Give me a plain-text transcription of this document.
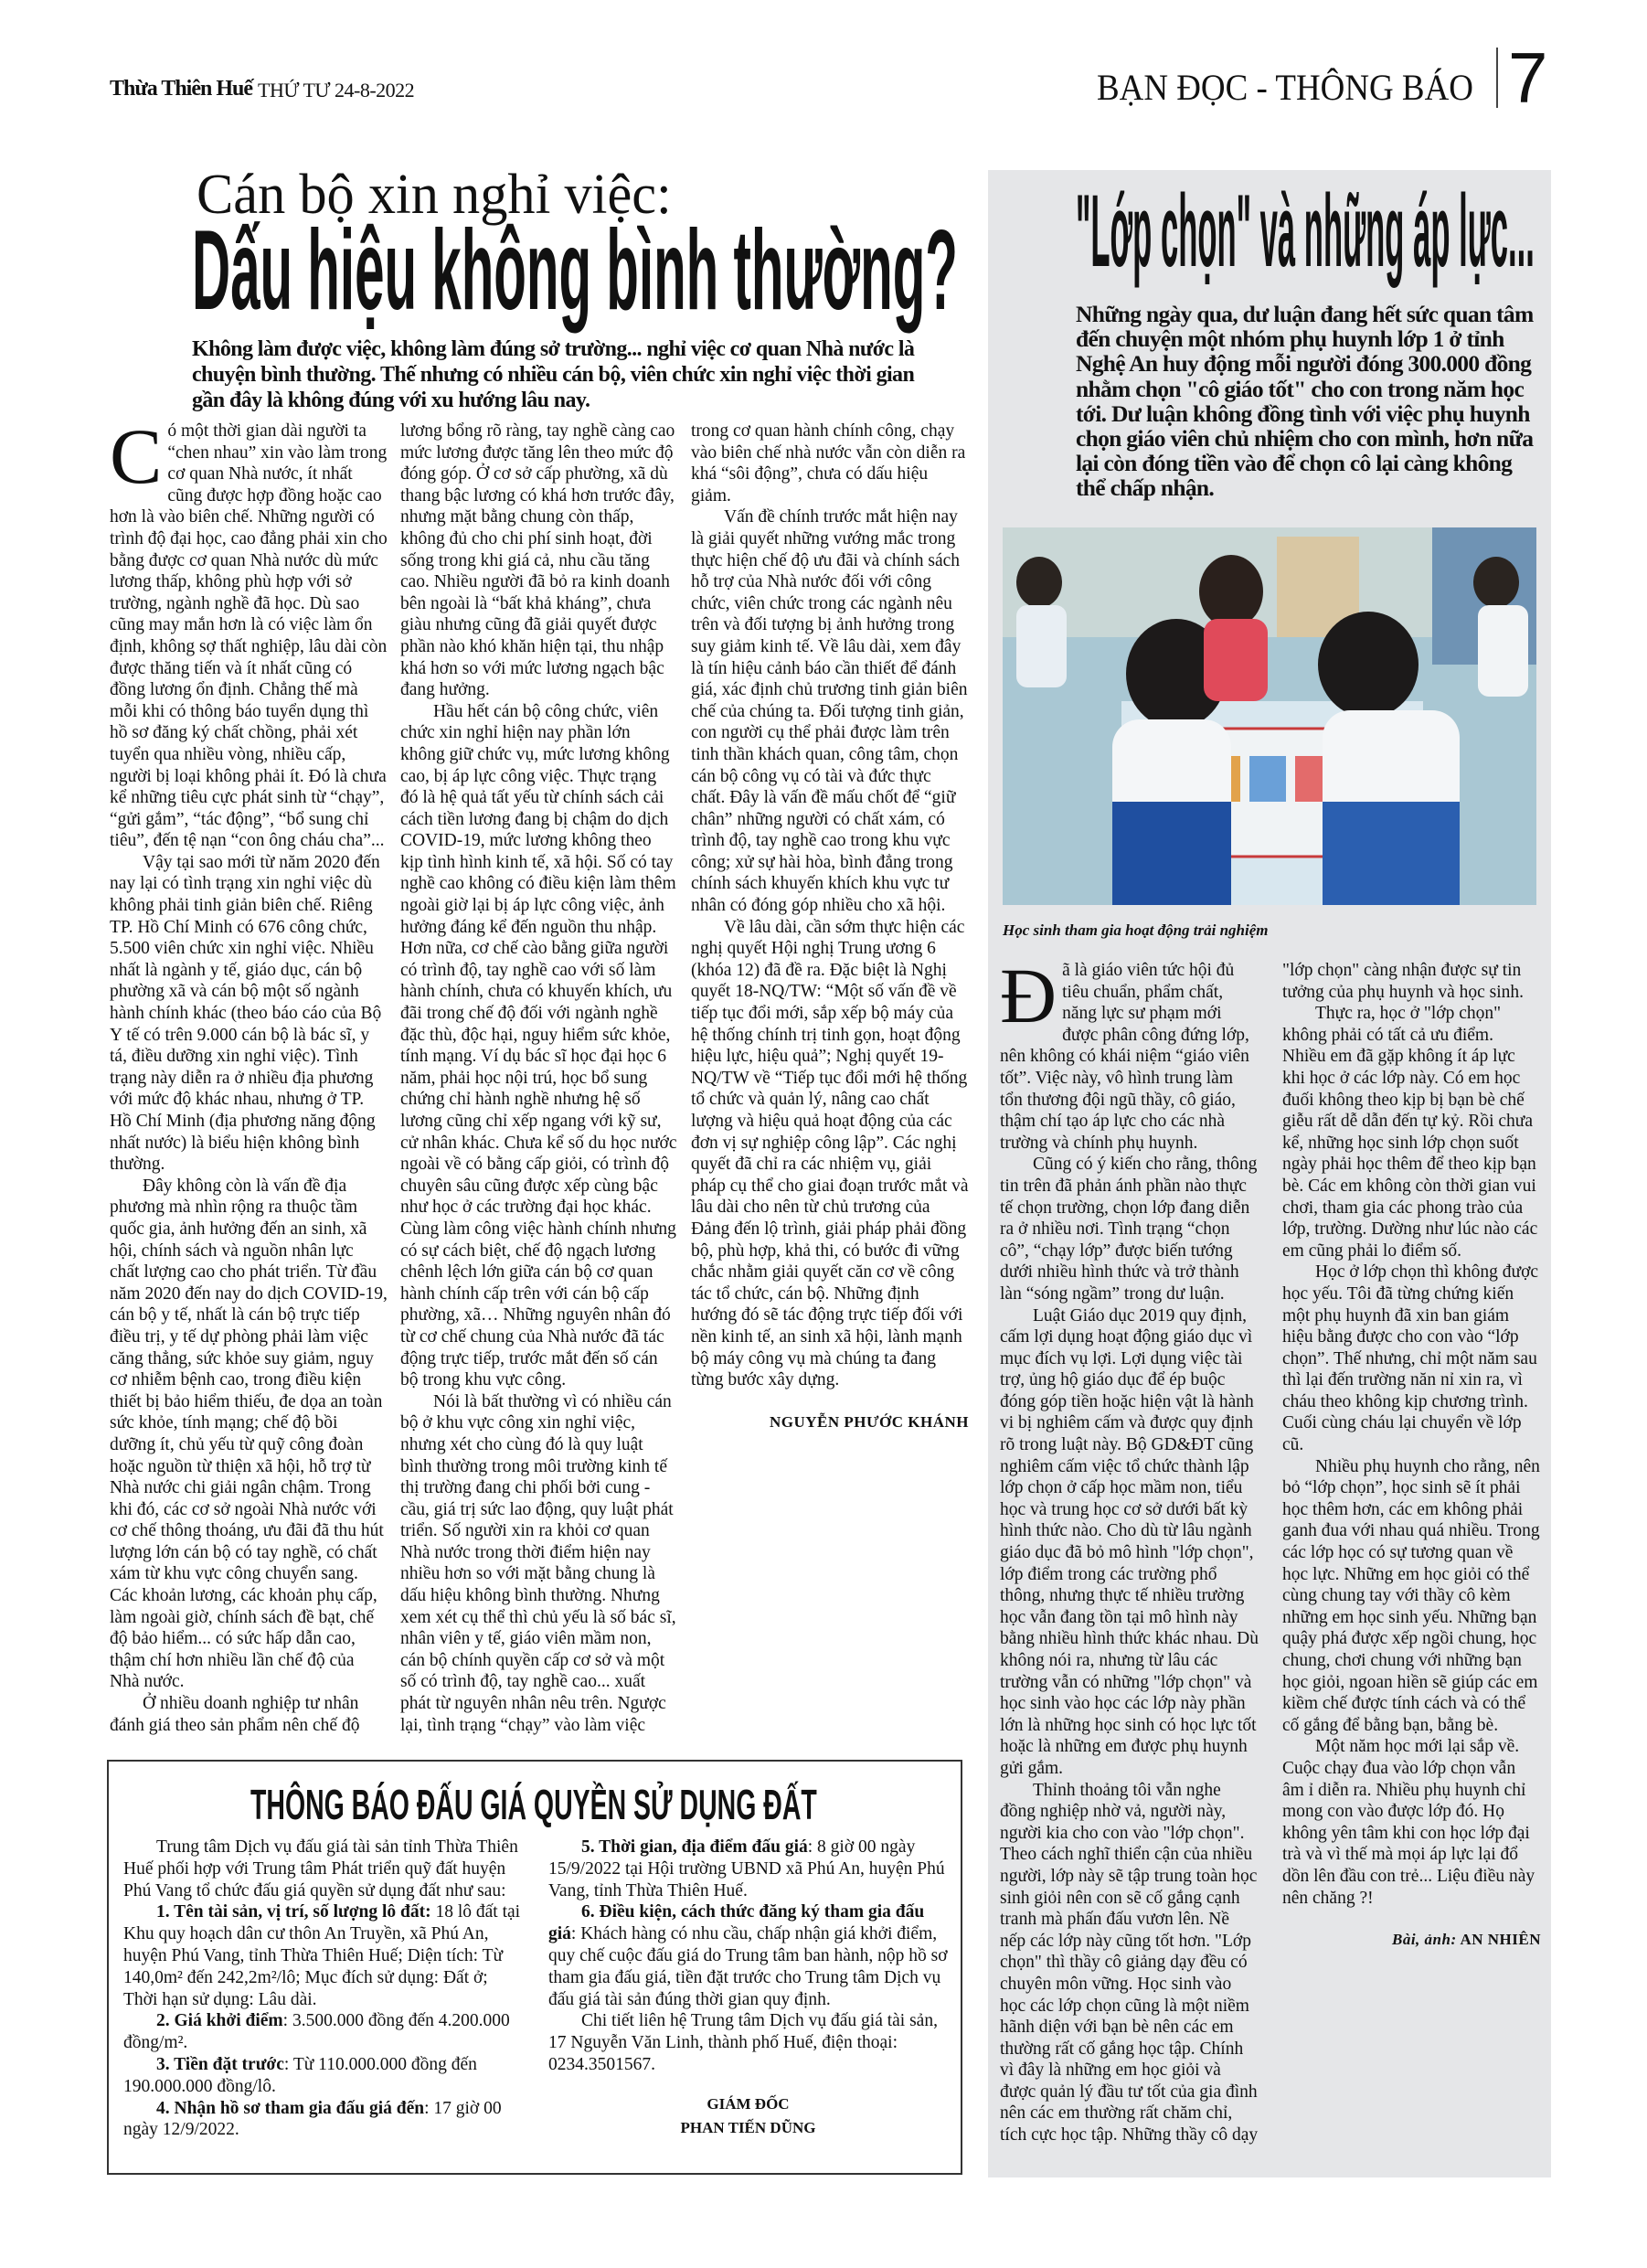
Thừa Thiên Huế THỨ TƯ 24-8-2022	BẠN ĐỌC - THÔNG BÁO 7
Cán bộ xin nghỉ việc:
Dấu hiệu không bình thường?
Không làm được việc, không làm đúng sở trường... nghỉ việc cơ quan Nhà nước là chuyện bình thường. Thế nhưng có nhiều cán bộ, viên chức xin nghỉ việc thời gian gần đây là không đúng với xu hướng lâu nay.

Có một thời gian dài người ta “chen nhau” xin vào làm trong cơ quan Nhà nước, ít nhất cũng được hợp đồng hoặc cao hơn là vào biên chế. Những người có trình độ đại học, cao đẳng phải xin cho bằng được cơ quan Nhà nước dù mức lương thấp, không phù hợp với sở trường, ngành nghề đã học. Dù sao cũng may mắn hơn là có việc làm ổn định, không sợ thất nghiệp, lâu dài còn được thăng tiến và ít nhất cũng có đồng lương ổn định. Chẳng thế mà mỗi khi có thông báo tuyển dụng thì hồ sơ đăng ký chất chồng, phải xét tuyển qua nhiều vòng, nhiều cấp, người bị loại không phải ít. Đó là chưa kể những tiêu cực phát sinh từ “chạy”, “gửi gắm”, “tác động”, “bổ sung chỉ tiêu”, đến tệ nạn “con ông cháu cha”...

Vậy tại sao mới từ năm 2020 đến nay lại có tình trạng xin nghỉ việc dù không phải tinh giản biên chế. Riêng TP. Hồ Chí Minh có 676 công chức, 5.500 viên chức xin nghỉ việc. Nhiều nhất là ngành y tế, giáo dục, cán bộ phường xã và cán bộ một số ngành hành chính khác (theo báo cáo của Bộ Y tế có trên 9.000 cán bộ là bác sĩ, y tá, điều dưỡng xin nghỉ việc). Tình trạng này diễn ra ở nhiều địa phương với mức độ khác nhau, nhưng ở TP. Hồ Chí Minh (địa phương năng động nhất nước) là biểu hiện không bình thường.

Đây không còn là vấn đề địa phương mà nhìn rộng ra thuộc tầm quốc gia, ảnh hưởng đến an sinh, xã hội, chính sách và nguồn nhân lực chất lượng cao cho phát triển. Từ đầu năm 2020 đến nay do dịch COVID-19, cán bộ y tế, nhất là cán bộ trực tiếp điều trị, y tế dự phòng phải làm việc căng thẳng, sức khỏe suy giảm, nguy cơ nhiễm bệnh cao, trong điều kiện thiết bị bảo hiểm thiếu, đe dọa an toàn sức khỏe, tính mạng; chế độ bồi dưỡng ít, chủ yếu từ quỹ công đoàn hoặc nguồn từ thiện xã hội, hỗ trợ từ Nhà nước chi giải ngân chậm. Trong khi đó, các cơ sở ngoài Nhà nước với cơ chế thông thoáng, ưu đãi đã thu hút lượng lớn cán bộ có tay nghề, có chất xám từ khu vực công chuyển sang. Các khoản lương, các khoản phụ cấp, làm ngoài giờ, chính sách đề bạt, chế độ bảo hiểm... có sức hấp dẫn cao, thậm chí hơn nhiều lần chế độ của Nhà nước.

Ở nhiều doanh nghiệp tư nhân đánh giá theo sản phẩm nên chế độ lương bổng rõ ràng, tay nghề càng cao mức lương được tăng lên theo mức độ đóng góp. Ở cơ sở cấp phường, xã dù thang bậc lương có khá hơn trước đây, nhưng mặt bằng chung còn thấp, không đủ cho chi phí sinh hoạt, đời sống trong khi giá cả, nhu cầu tăng cao. Nhiều người đã bỏ ra kinh doanh bên ngoài là “bất khả kháng”, chưa giàu nhưng cũng đã giải quyết được phần nào khó khăn hiện tại, thu nhập khá hơn so với mức lương ngạch bậc đang hưởng.

Hầu hết cán bộ công chức, viên chức xin nghỉ hiện nay phần lớn không giữ chức vụ, mức lương không cao, bị áp lực công việc. Thực trạng đó là hệ quả tất yếu từ chính sách cải cách tiền lương đang bị chậm do dịch COVID-19, mức lương không theo kịp tình hình kinh tế, xã hội. Số có tay nghề cao không có điều kiện làm thêm ngoài giờ lại bị áp lực công việc, ảnh hưởng đáng kể đến nguồn thu nhập. Hơn nữa, cơ chế cào bằng giữa người có trình độ, tay nghề cao với số làm hành chính, chưa có khuyến khích, ưu đãi trong chế độ đối với ngành nghề đặc thù, độc hại, nguy hiểm sức khỏe, tính mạng. Ví dụ bác sĩ học đại học 6 năm, phải học nội trú, học bổ sung chứng chỉ hành nghề nhưng hệ số lương cũng chỉ xếp ngang với kỹ sư, cử nhân khác. Chưa kể số du học nước ngoài về có bằng cấp giỏi, có trình độ chuyên sâu cũng được xếp cùng bậc như học ở các trường đại học khác. Cùng làm công việc hành chính nhưng có sự cách biệt, chế độ ngạch lương chênh lệch lớn giữa cán bộ cơ quan hành chính cấp trên với cán bộ cấp phường, xã… Những nguyên nhân đó từ cơ chế chung của Nhà nước đã tác động trực tiếp, trước mắt đến số cán bộ trong khu vực công.

Nói là bất thường vì có nhiều cán bộ ở khu vực công xin nghỉ việc, nhưng xét cho cùng đó là quy luật bình thường trong môi trường kinh tế thị trường đang chi phối bởi cung - cầu, giá trị sức lao động, quy luật phát triển. Số người xin ra khỏi cơ quan Nhà nước trong thời điểm hiện nay nhiều hơn so với mặt bằng chung là dấu hiệu không bình thường. Nhưng xem xét cụ thể thì chủ yếu là số bác sĩ, nhân viên y tế, giáo viên mầm non, cán bộ chính quyền cấp cơ sở và một số có trình độ, tay nghề cao... xuất phát từ nguyên nhân nêu trên. Ngược lại, tình trạng “chạy” vào làm việc trong cơ quan hành chính công, chạy vào biên chế nhà nước vẫn còn diễn ra khá “sôi động”, chưa có dấu hiệu giảm.

Vấn đề chính trước mắt hiện nay là giải quyết những vướng mắc trong thực hiện chế độ ưu đãi và chính sách hỗ trợ của Nhà nước đối với công chức, viên chức trong các ngành nêu trên và đối tượng bị ảnh hưởng trong suy giảm kinh tế. Về lâu dài, xem đây là tín hiệu cảnh báo cần thiết để đánh giá, xác định chủ trương tinh giản biên chế của chúng ta. Đối tượng tinh giản, con người cụ thể phải được làm trên tinh thần khách quan, công tâm, chọn cán bộ công vụ có tài và đức thực chất. Đây là vấn đề mấu chốt để “giữ chân” những người có chất xám, có trình độ, tay nghề cao trong khu vực công; xử sự hài hòa, bình đẳng trong chính sách khuyến khích khu vực tư nhân có đóng góp nhiều cho xã hội.

Về lâu dài, cần sớm thực hiện các nghị quyết Hội nghị Trung ương 6 (khóa 12) đã đề ra. Đặc biệt là Nghị quyết 18-NQ/TW: “Một số vấn đề về tiếp tục đổi mới, sắp xếp bộ máy của hệ thống chính trị tinh gọn, hoạt động hiệu lực, hiệu quả”; Nghị quyết 19-NQ/TW về “Tiếp tục đổi mới hệ thống tổ chức và quản lý, nâng cao chất lượng và hiệu quả hoạt động của các đơn vị sự nghiệp công lập”. Các nghị quyết đã chỉ ra các nhiệm vụ, giải pháp cụ thể cho giai đoạn trước mắt và lâu dài cho nên từ chủ trương của Đảng đến lộ trình, giải pháp phải đồng bộ, phù hợp, khả thi, có bước đi vững chắc nhằm giải quyết căn cơ về công tác tổ chức, cán bộ. Những định hướng đó sẽ tác động trực tiếp đối với nền kinh tế, an sinh xã hội, lành mạnh bộ máy công vụ mà chúng ta đang từng bước xây dựng.

NGUYỄN PHƯỚC KHÁNH
THÔNG BÁO ĐẤU GIÁ QUYỀN SỬ DỤNG ĐẤT

Trung tâm Dịch vụ đấu giá tài sản tỉnh Thừa Thiên Huế phối hợp với Trung tâm Phát triển quỹ đất huyện Phú Vang tổ chức đấu giá quyền sử dụng đất như sau:

1. Tên tài sản, vị trí, số lượng lô đất: 18 lô đất tại Khu quy hoạch dân cư thôn An Truyền, xã Phú An, huyện Phú Vang, tỉnh Thừa Thiên Huế; Diện tích: Từ 140,0m² đến 242,2m²/lô; Mục đích sử dụng: Đất ở; Thời hạn sử dụng: Lâu dài.

2. Giá khởi điểm: 3.500.000 đồng đến 4.200.000 đồng/m².

3. Tiền đặt trước: Từ 110.000.000 đồng đến 190.000.000 đồng/lô.

4. Nhận hồ sơ tham gia đấu giá đến: 17 giờ 00 ngày 12/9/2022.

5. Thời gian, địa điểm đấu giá: 8 giờ 00 ngày 15/9/2022 tại Hội trường UBND xã Phú An, huyện Phú Vang, tỉnh Thừa Thiên Huế.

6. Điều kiện, cách thức đăng ký tham gia đấu giá: Khách hàng có nhu cầu, chấp nhận giá khởi điểm, quy chế cuộc đấu giá do Trung tâm ban hành, nộp hồ sơ tham gia đấu giá, tiền đặt trước cho Trung tâm Dịch vụ đấu giá tài sản đúng thời gian quy định.

Chi tiết liên hệ Trung tâm Dịch vụ đấu giá tài sản, 17 Nguyễn Văn Linh, thành phố Huế, điện thoại: 0234.3501567.

GIÁM ĐỐC
PHAN TIẾN DŨNG
"Lớp chọn" và những áp lực...
Những ngày qua, dư luận đang hết sức quan tâm đến chuyện một nhóm phụ huynh lớp 1 ở tỉnh Nghệ An huy động mỗi người đóng 300.000 đồng nhằm chọn "cô giáo tốt" cho con trong năm học tới. Dư luận không đồng tình với việc phụ huynh chọn giáo viên chủ nhiệm cho con mình, hơn nữa lại còn đóng tiền vào để chọn cô lại càng không thể chấp nhận.
Học sinh tham gia hoạt động trải nghiệm

Đã là giáo viên tức hội đủ tiêu chuẩn, phẩm chất, năng lực sư phạm mới được phân công đứng lớp, nên không có khái niệm “giáo viên tốt”. Việc này, vô hình trung làm tổn thương đội ngũ thầy, cô giáo, thậm chí tạo áp lực cho các nhà trường và chính phụ huynh.

Cũng có ý kiến cho rằng, thông tin trên đã phản ánh phần nào thực tế chọn trường, chọn lớp đang diễn ra ở nhiều nơi. Tình trạng “chọn cô”, “chạy lớp” được biến tướng dưới nhiều hình thức và trở thành làn “sóng ngầm” trong dư luận.

Luật Giáo dục 2019 quy định, cấm lợi dụng hoạt động giáo dục vì mục đích vụ lợi. Lợi dụng việc tài trợ, ủng hộ giáo dục để ép buộc đóng góp tiền hoặc hiện vật là hành vi bị nghiêm cấm và được quy định rõ trong luật này. Bộ GD&ĐT cũng nghiêm cấm việc tổ chức thành lập lớp chọn ở cấp học mầm non, tiểu học và trung học cơ sở dưới bất kỳ hình thức nào. Cho dù từ lâu ngành giáo dục đã bỏ mô hình "lớp chọn", lớp điểm trong các trường phổ thông, nhưng thực tế nhiều trường học vẫn đang tồn tại mô hình này bằng nhiều hình thức khác nhau. Dù không nói ra, nhưng từ lâu các trường vẫn có những "lớp chọn" và học sinh vào học các lớp này phần lớn là những học sinh có học lực tốt hoặc là những em được phụ huynh gửi gắm.

Thỉnh thoảng tôi vẫn nghe đồng nghiệp nhờ vả, người này, người kia cho con vào "lớp chọn". Theo cách nghĩ thiển cận của nhiều người, lớp này sẽ tập trung toàn học sinh giỏi nên con sẽ cố gắng cạnh tranh mà phấn đấu vươn lên. Nề nếp các lớp này cũng tốt hơn. "Lớp chọn" thì thầy cô giảng dạy đều có chuyên môn vững. Học sinh vào học các lớp chọn cũng là một niềm hãnh diện với bạn bè nên các em thường rất cố gắng học tập. Chính vì đây là những em học giỏi và được quản lý đầu tư tốt của gia đình nên các em thường rất chăm chỉ, tích cực học tập. Những thầy cô dạy "lớp chọn" càng nhận được sự tin tưởng của phụ huynh và học sinh.

Thực ra, học ở "lớp chọn" không phải có tất cả ưu điểm. Nhiều em đã gặp không ít áp lực khi học ở các lớp này. Có em học đuối không theo kịp bị bạn bè chế giễu rất dễ dẫn đến tự kỷ. Rồi chưa kể, những học sinh lớp chọn suốt ngày phải học thêm để theo kịp bạn bè. Các em không còn thời gian vui chơi, tham gia các phong trào của lớp, trường. Dường như lúc nào các em cũng phải lo điểm số.

Học ở lớp chọn thì không được học yếu. Tôi đã từng chứng kiến một phụ huynh đã xin ban giám hiệu bằng được cho con vào “lớp chọn”. Thế nhưng, chỉ một năm sau thì lại đến trường năn nỉ xin ra, vì cháu theo không kịp chương trình. Cuối cùng cháu lại chuyển về lớp cũ.

Nhiều phụ huynh cho rằng, nên bỏ “lớp chọn”, học sinh sẽ ít phải học thêm hơn, các em không phải ganh đua với nhau quá nhiều. Trong các lớp học có sự tương quan về học lực. Những em học giỏi có thể cùng chung tay với thầy cô kèm những em học sinh yếu. Những bạn quậy phá được xếp ngồi chung, học chung, chơi chung với những bạn học giỏi, ngoan hiền sẽ giúp các em kiềm chế được tính cách và có thể cố gắng để bằng bạn, bằng bè.

Một năm học mới lại sắp về. Cuộc chạy đua vào lớp chọn vẫn âm ỉ diễn ra. Nhiều phụ huynh chỉ mong con vào được lớp đó. Họ không yên tâm khi con học lớp đại trà và vì thế mà mọi áp lực lại đổ dồn lên đầu con trẻ... Liệu điều này nên chăng ?!

Bài, ảnh: AN NHIÊN
